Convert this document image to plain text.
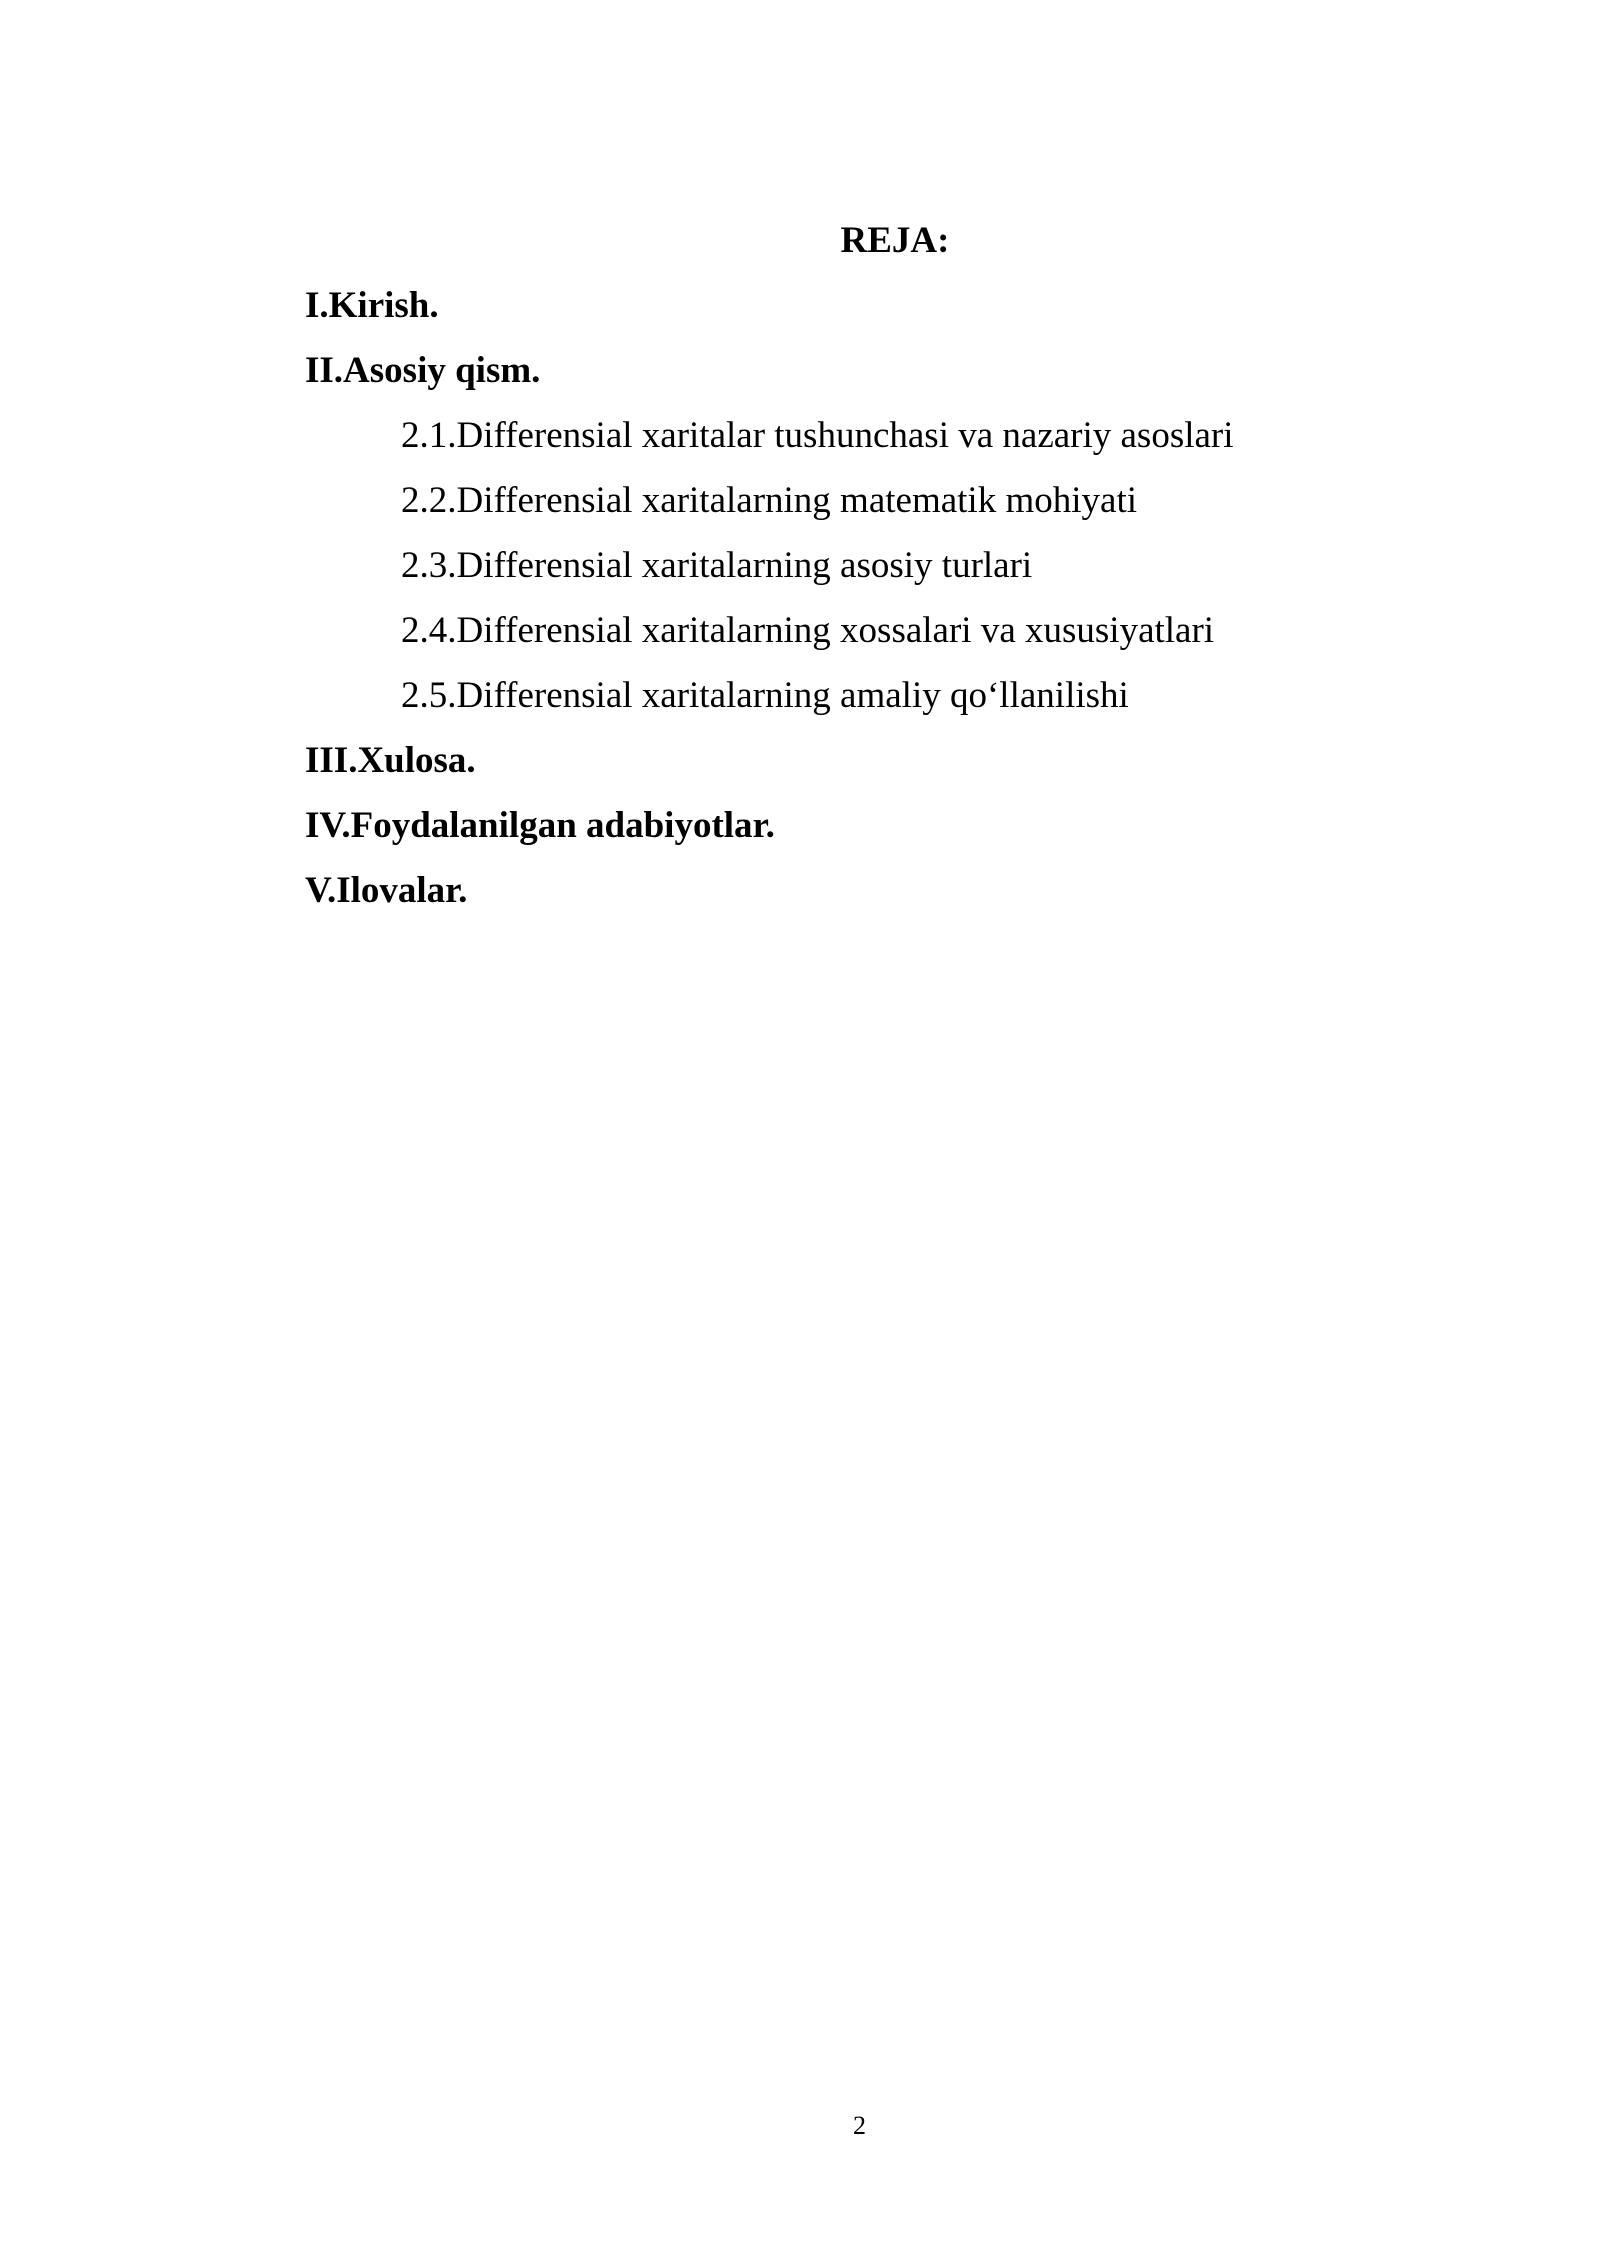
REJA:
I.Kirish.
II.Asosiy qism.
2.1.Differensial xaritalar tushunchasi va nazariy asoslari
2.2.Differensial xaritalarning matematik mohiyati
2.3.Differensial xaritalarning asosiy turlari
2.4.Differensial xaritalarning xossalari va xususiyatlari
2.5.Differensial xaritalarning amaliy qo‘llanilishi
III.Xulosa.
IV.Foydalanilgan adabiyotlar.
V.Ilovalar.
2
